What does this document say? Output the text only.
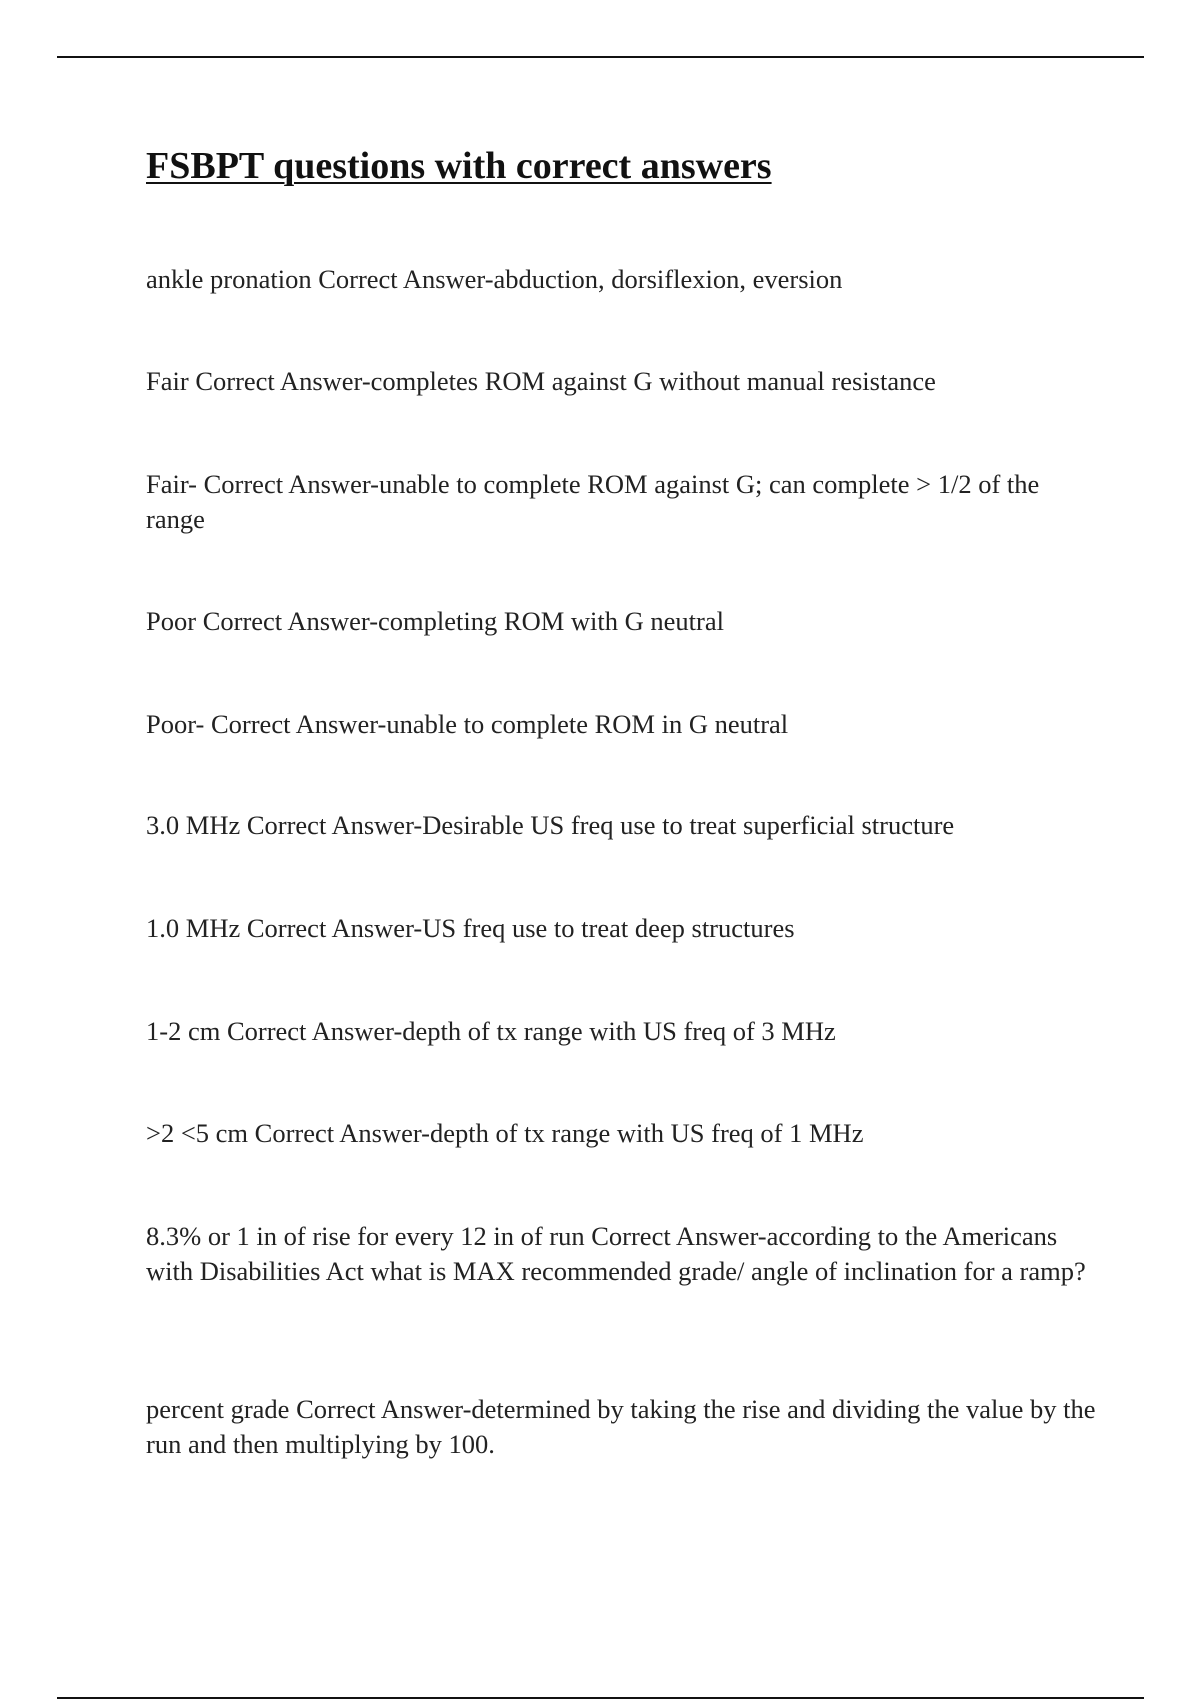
FSBPT questions with correct answers
ankle pronation Correct Answer-abduction, dorsiflexion, eversion
Fair Correct Answer-completes ROM against G without manual resistance
Fair- Correct Answer-unable to complete ROM against G; can complete > 1/2 of the range
Poor Correct Answer-completing ROM with G neutral
Poor- Correct Answer-unable to complete ROM in G neutral
3.0 MHz Correct Answer-Desirable US freq use to treat superficial structure
1.0 MHz Correct Answer-US freq use to treat deep structures
1-2 cm Correct Answer-depth of tx range with US freq of 3 MHz
>2 <5 cm Correct Answer-depth of tx range with US freq of 1 MHz
8.3% or 1 in of rise for every 12 in of run Correct Answer-according to the Americans with Disabilities Act what is MAX recommended grade/ angle of inclination for a ramp?
percent grade Correct Answer-determined by taking the rise and dividing the value by the run and then multiplying by 100.
